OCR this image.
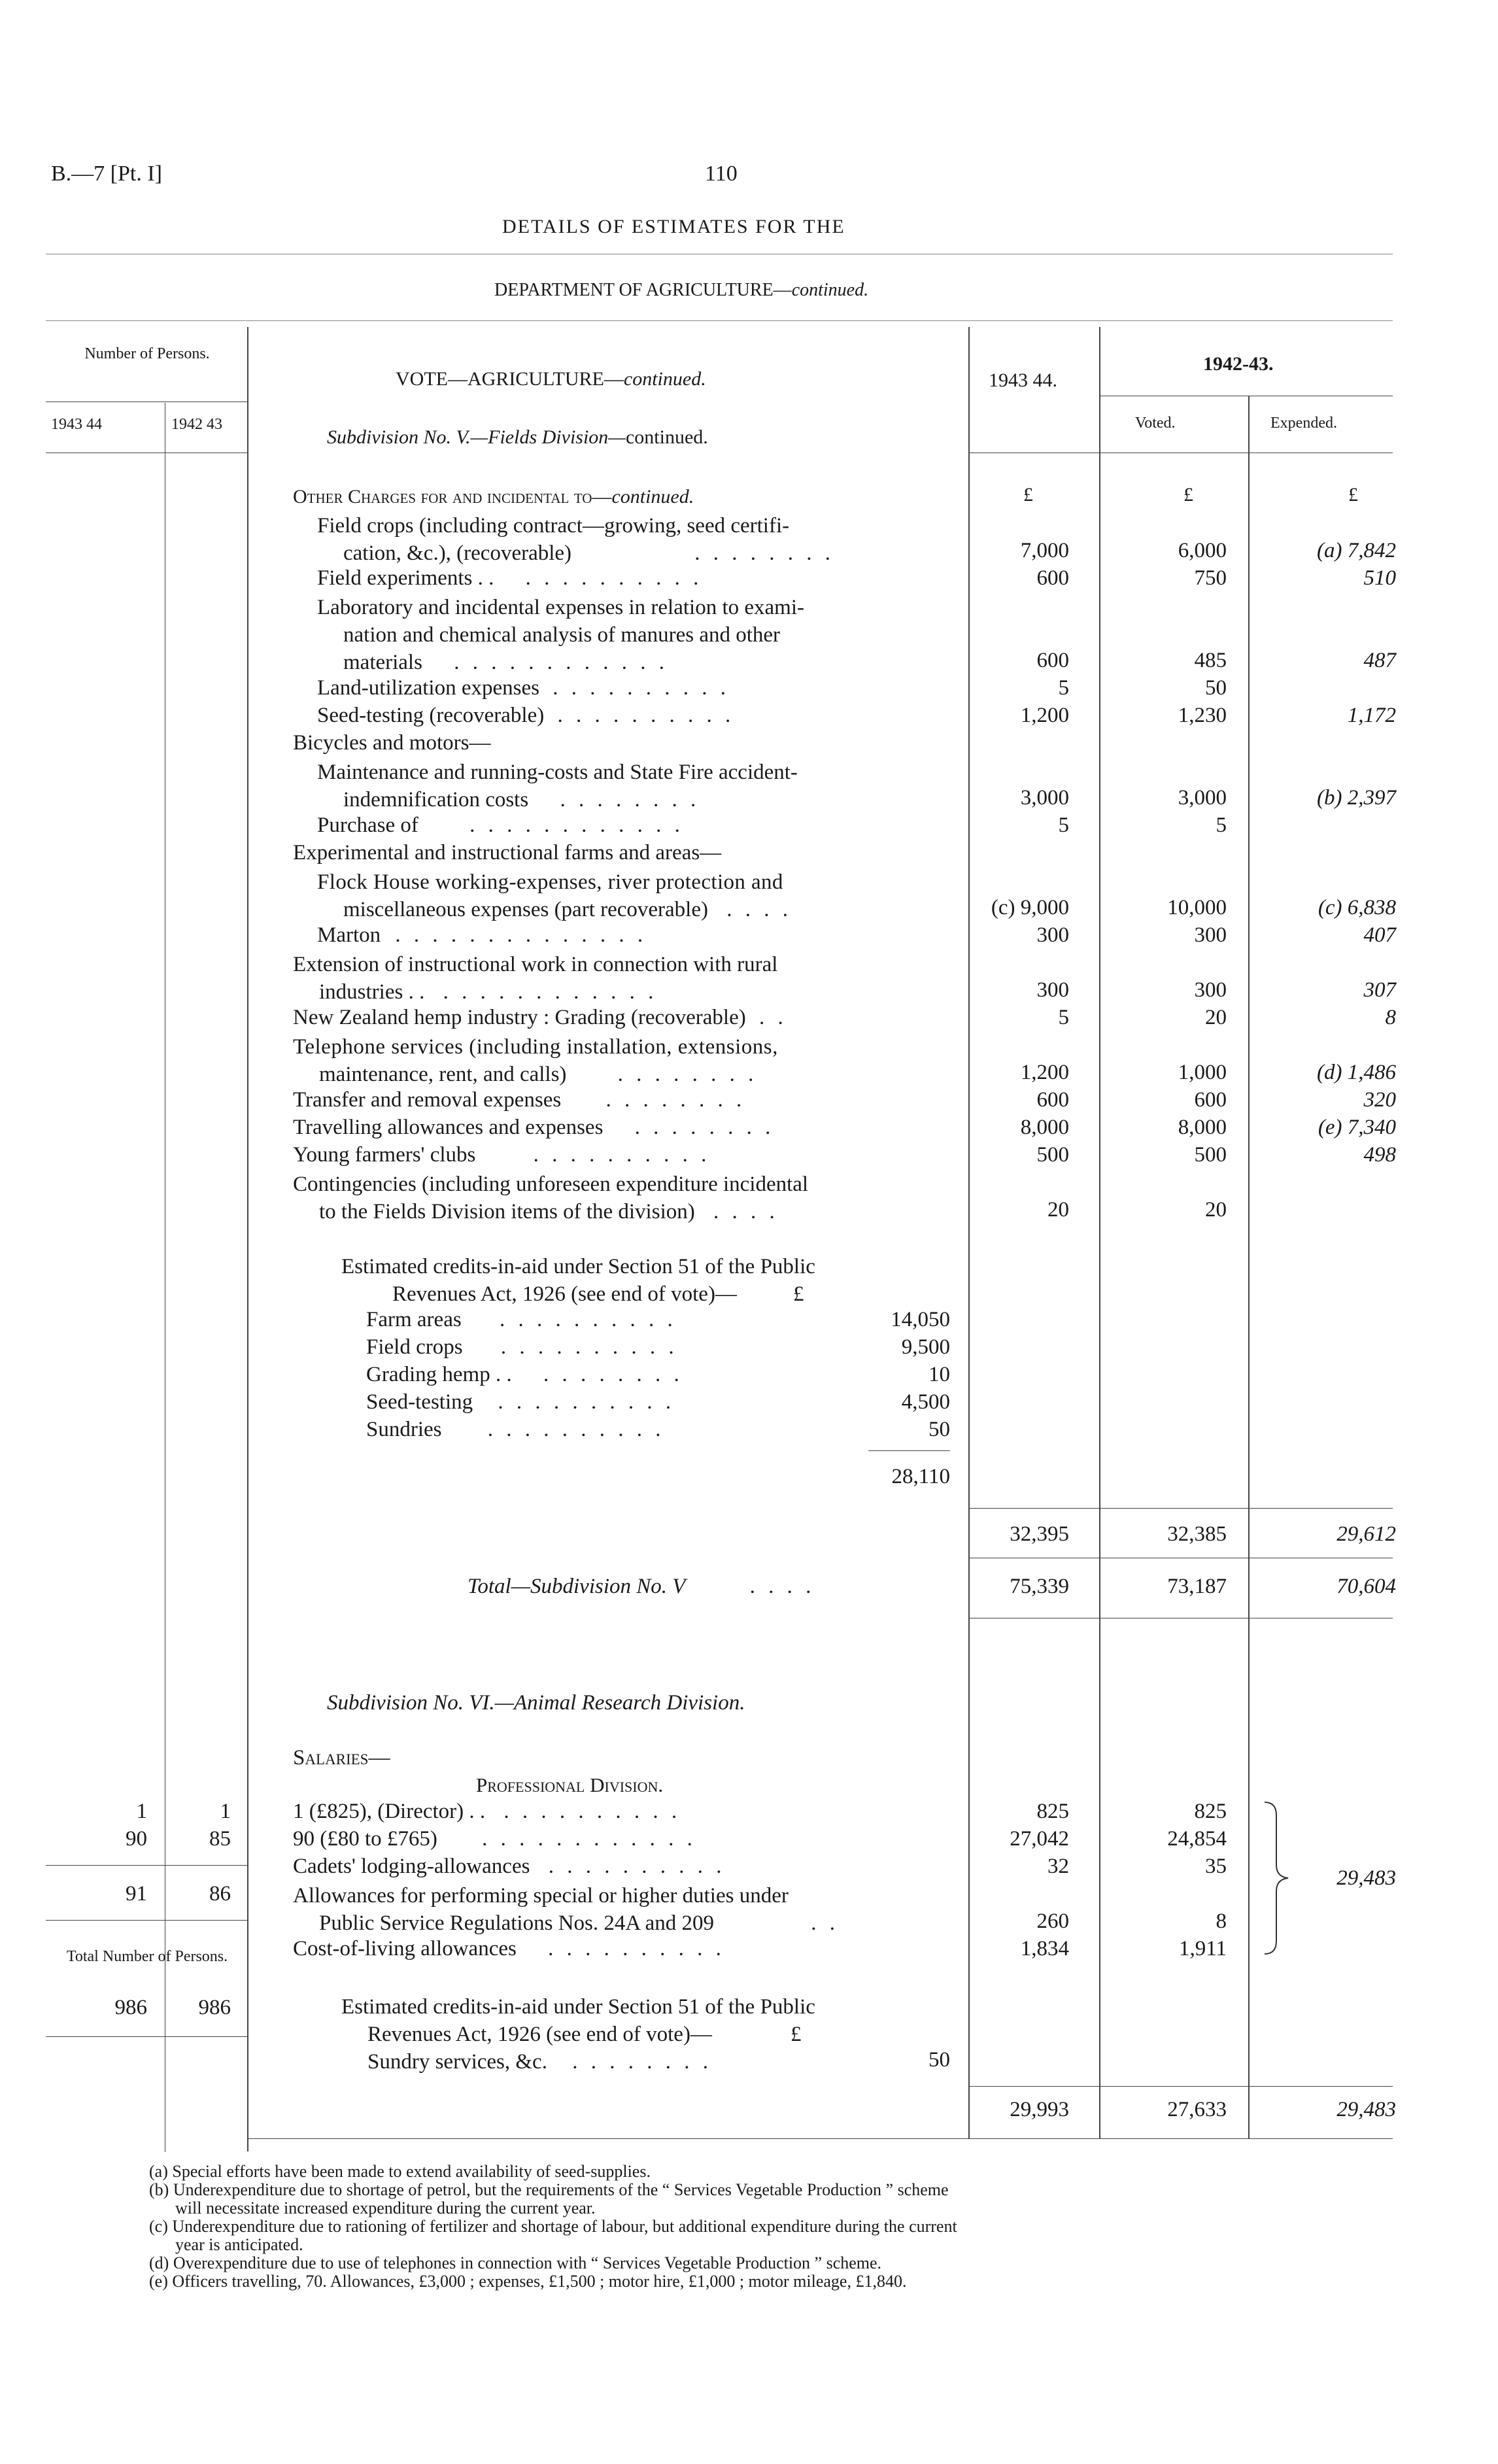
B.—7 [Pt. I]	110
DETAILS OF ESTIMATES FOR THE
DEPARTMENT OF AGRICULTURE—continued.
Number of Persons.
1943 44	1942 43
1943 44.
1942-43.
Voted.	Expended.
VOTE—AGRICULTURE—continued.
Subdivision No. V.—Fields Division—continued.
£	£	£
Other Charges for and incidental to—continued.
Field crops (including contract—growing, seed certifi-
cation, &c.), (recoverable)	. . . . . . . .	7,000	6,000	(a) 7,842
Field experiments . . . . . . . . . . . .	600	750	510
Laboratory and incidental expenses in relation to exami-
nation and chemical analysis of manures and other
materials . . . . . . . . . . . .	600	485	487
Land-utilization expenses . . . . . . . . . .	5	50
Seed-testing (recoverable) . . . . . . . . . .	1,200	1,230	1,172
Bicycles and motors—
Maintenance and running-costs and State Fire accident-
indemnification costs . . . . . . . .	3,000	3,000	(b) 2,397
Purchase of . . . . . . . . . . . .	5	5
Experimental and instructional farms and areas—
Flock House working-expenses, river protection and
miscellaneous expenses (part recoverable) . . . .	(c) 9,000	10,000	(c) 6,838
Marton . . . . . . . . . . . . . .	300	300	407
Extension of instructional work in connection with rural
industries . . . . . . . . . . . . . .	300	300	307
New Zealand hemp industry : Grading (recoverable) . .	5	20	8
Telephone services (including installation, extensions,
maintenance, rent, and calls) . . . . . . . .	1,200	1,000	(d) 1,486
Transfer and removal expenses . . . . . . . .	600	600	320
Travelling allowances and expenses . . . . . . . .	8,000	8,000	(e) 7,340
Young farmers' clubs	. . . . . . . . . .	500	500	498
Contingencies (including unforeseen expenditure incidental
to the Fields Division items of the division) . . . .	20	20
Estimated credits-in-aid under Section 51 of the Public
Revenues Act, 1926 (see end of vote)—	£
Farm areas . . . . . . . . . .	14,050
Field crops . . . . . . . . . .	9,500
Grading hemp . . . . . . . . . .	10
Seed-testing . . . . . . . . . .	4,500
Sundries . . . . . . . . . .	50
28,110
32,395	32,385	29,612
Total—Subdivision No. V	. . . .	75,339	73,187	70,604
Subdivision No. VI.—Animal Research Division.
Salaries—
Professional Division.
1	1	1 (£825), (Director) . . . . . . . . . . . .	825	825
90	85	90 (£80 to £765) . . . . . . . . . . . .	27,042	24,854
Cadets' lodging-allowances . . . . . . . . . .	32	35
91	86	Allowances for performing special or higher duties under
Public Service Regulations Nos. 24A and 209	. .	260	8
Cost-of-living allowances . . . . . . . . . .	1,834	1,911
29,483
Total Number of Persons.
986 986	Estimated credits-in-aid under Section 51 of the Public
Revenues Act, 1926 (see end of vote)—	£
Sundry services, &c. . . . . . . . .	50
29,993	27,633	29,483
(a) Special efforts have been made to extend availability of seed-supplies.
(b) Underexpenditure due to shortage of petrol, but the requirements of the “ Services Vegetable Production ” scheme
will necessitate increased expenditure during the current year.
(c) Underexpenditure due to rationing of fertilizer and shortage of labour, but additional expenditure during the current
year is anticipated.
(d) Overexpenditure due to use of telephones in connection with “ Services Vegetable Production ” scheme.
(e) Officers travelling, 70. Allowances, £3,000 ; expenses, £1,500 ; motor hire, £1,000 ; motor mileage, £1,840.
